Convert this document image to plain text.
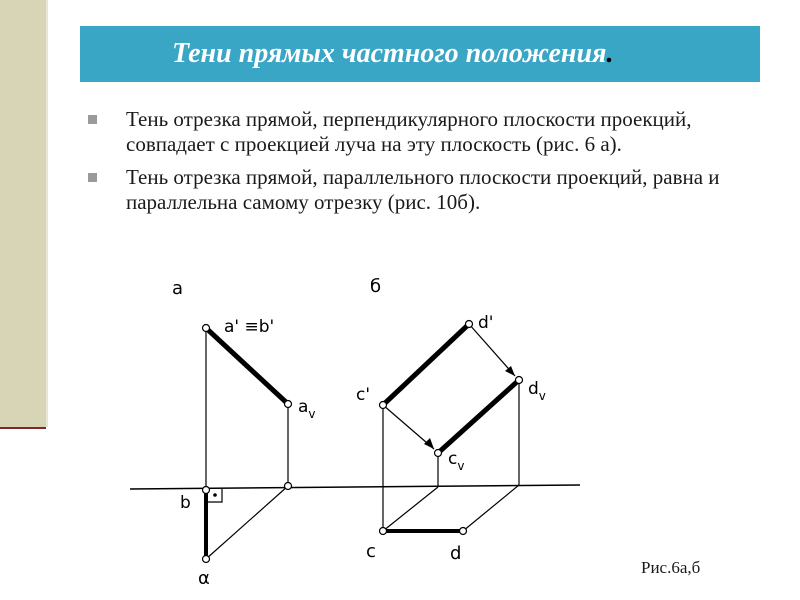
Тени прямых частного положения .
Тень отрезка прямой, перпендикулярного плоскости проекций, совпадает с проекцией луча на эту плоскость (рис. 6 а).
Тень отрезка прямой, параллельного плоскости проекций, равна и параллельна самому отрезку (рис. 10б).
а
a' ≡b'
$a_v$
b
α
б
d'
c'
$c_v$
$d_v$
c	d
Рис.6а,б
